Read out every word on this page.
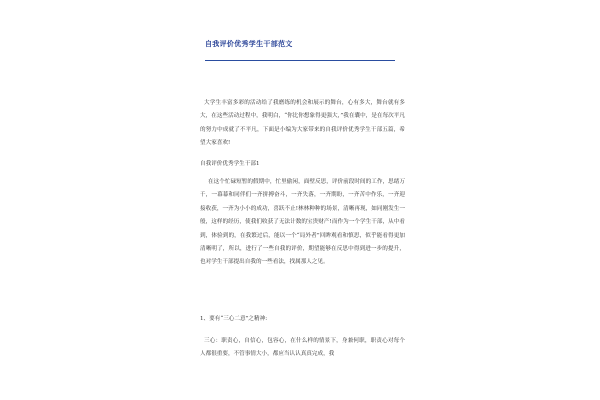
自我评价优秀学生干部范文
大学生丰富多彩的活动给了我磨练的机会和展示的舞台，心有多大，舞台就有多大，在这些活动过程中，我明白，“你比你想象得更强大，”我在囊中，是在每次平凡的努力中成就了不平凡，下面是小编为大家带来的自我评价优秀学生干部五篇，希望大家喜欢!
自我评价优秀学生干部1
在这个忙碌短暂的假期中，忙里偷闲，面壁反思，评价前段时间的工作，思绪万千，一幕幕和同伴们一齐拼搏奋斗，一齐失落，一齐期盼，一齐苦中作乐，一齐迎接收获，一齐为小小的成功，喜跃不止!林林种种的场景，清晰再现，如同刚发生一般，这样的经历，使我们收获了无法计数的宝贵财产!而作为一个学生干部，从中看到，体验到的，在我繁过后，能以一个“局外者”回眸观看和慎思，似乎能看得更加清晰明了，所以，进行了一些自我的评价，期望能够在反思中得到进一步的提升，也对学生干部提出自我的一些看法，找属那人之见。
1、要有“三心二意”之精神:
三心：职责心，自信心，包容心，在什么样的情景下，身兼何职，职责心对每个人都很重要，不管事情大小，都应当认认真真完成，我
